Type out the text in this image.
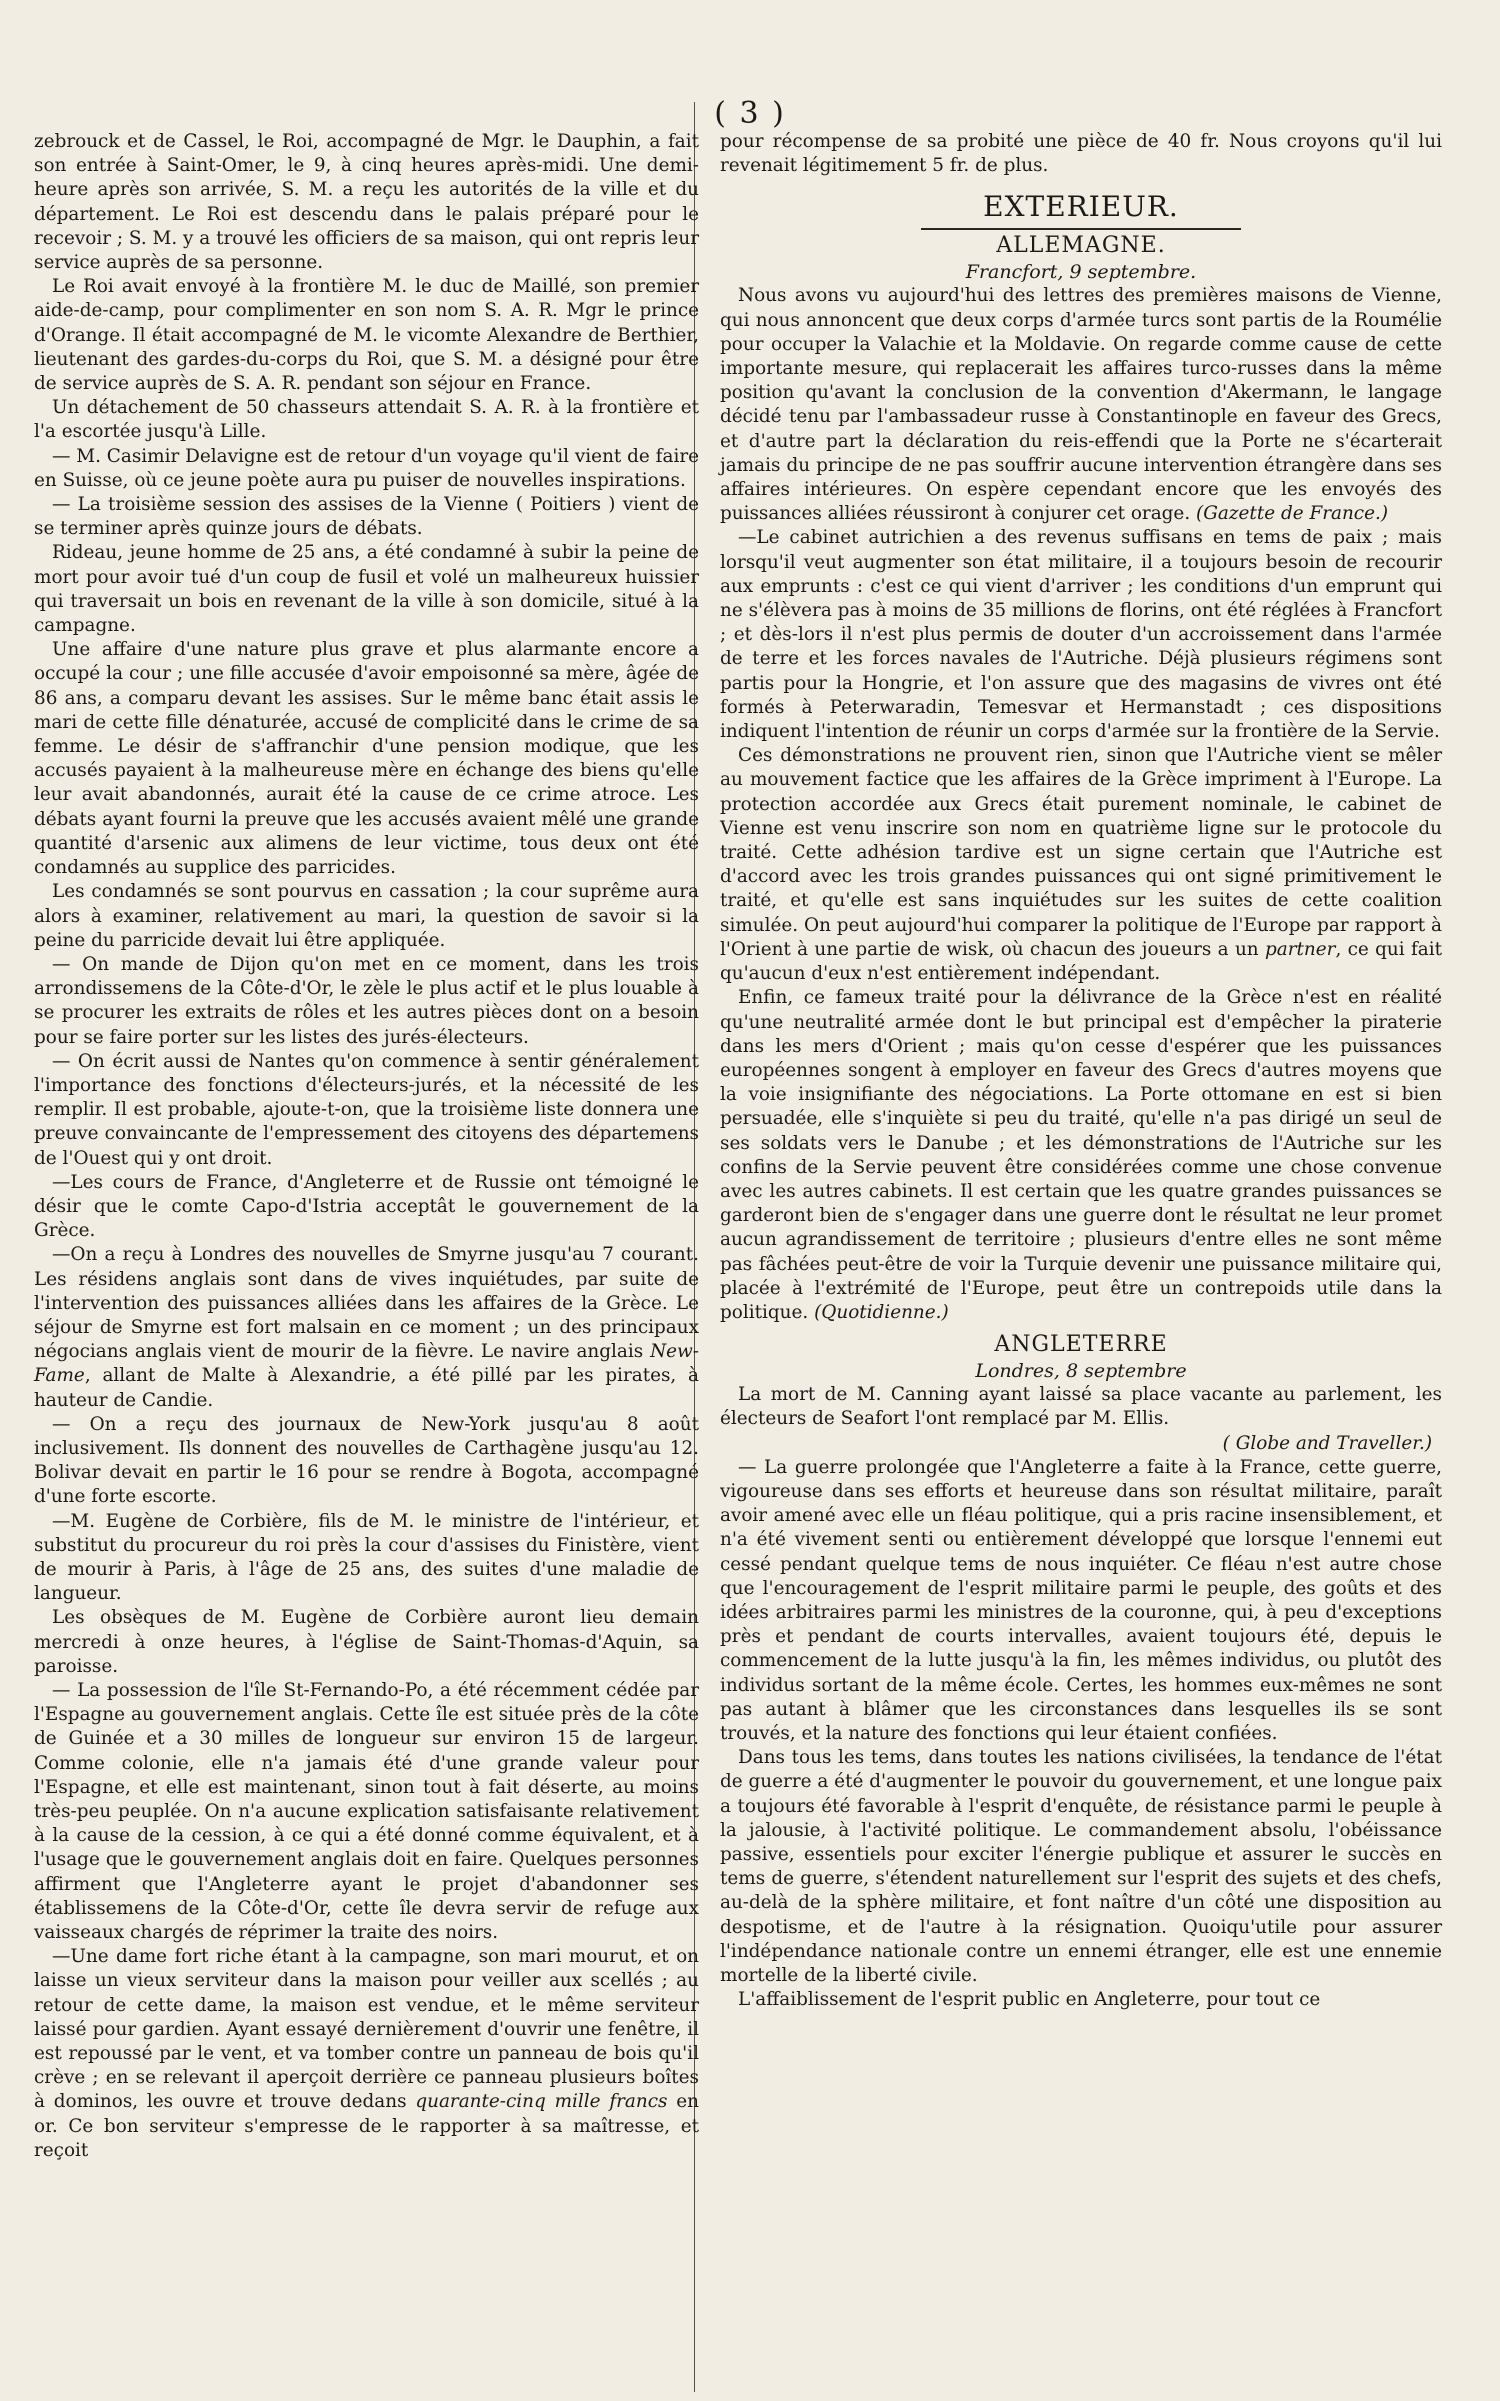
( 3 )

zebrouck et de Cassel, le Roi, accompagné de Mgr. le Dauphin, a fait son entrée à Saint-Omer, le 9, à cinq heures après-midi. Une demi-heure après son arrivée, S. M. a reçu les autorités de la ville et du département. Le Roi est descendu dans le palais préparé pour le recevoir ; S. M. y a trouvé les officiers de sa maison, qui ont repris leur service auprès de sa personne.

Le Roi avait envoyé à la frontière M. le duc de Maillé, son premier aide-de-camp, pour complimenter en son nom S. A. R. Mgr le prince d'Orange. Il était accompagné de M. le vicomte Alexandre de Berthier, lieutenant des gardes-du-corps du Roi, que S. M. a désigné pour être de service auprès de S. A. R. pendant son séjour en France.

Un détachement de 50 chasseurs attendait S. A. R. à la frontière et l'a escortée jusqu'à Lille.

— M. Casimir Delavigne est de retour d'un voyage qu'il vient de faire en Suisse, où ce jeune poète aura pu puiser de nouvelles inspirations.

— La troisième session des assises de la Vienne ( Poitiers ) vient de se terminer après quinze jours de débats.

Rideau, jeune homme de 25 ans, a été condamné à subir la peine de mort pour avoir tué d'un coup de fusil et volé un malheureux huissier qui traversait un bois en revenant de la ville à son domicile, situé à la campagne.

Une affaire d'une nature plus grave et plus alarmante encore a occupé la cour ; une fille accusée d'avoir empoisonné sa mère, âgée de 86 ans, a comparu devant les assises. Sur le même banc était assis le mari de cette fille dénaturée, accusé de complicité dans le crime de sa femme. Le désir de s'affranchir d'une pension modique, que les accusés payaient à la malheureuse mère en échange des biens qu'elle leur avait abandonnés, aurait été la cause de ce crime atroce. Les débats ayant fourni la preuve que les accusés avaient mêlé une grande quantité d'arsenic aux alimens de leur victime, tous deux ont été condamnés au supplice des parricides.

Les condamnés se sont pourvus en cassation ; la cour suprême aura alors à examiner, relativement au mari, la question de savoir si la peine du parricide devait lui être appliquée.

— On mande de Dijon qu'on met en ce moment, dans les trois arrondissemens de la Côte-d'Or, le zèle le plus actif et le plus louable à se procurer les extraits de rôles et les autres pièces dont on a besoin pour se faire porter sur les listes des jurés-électeurs.

— On écrit aussi de Nantes qu'on commence à sentir généralement l'importance des fonctions d'électeurs-jurés, et la nécessité de les remplir. Il est probable, ajoute-t-on, que la troisième liste donnera une preuve convaincante de l'empressement des citoyens des départemens de l'Ouest qui y ont droit.

—Les cours de France, d'Angleterre et de Russie ont témoigné le désir que le comte Capo-d'Istria acceptât le gouvernement de la Grèce.

—On a reçu à Londres des nouvelles de Smyrne jusqu'au 7 courant. Les résidens anglais sont dans de vives inquiétudes, par suite de l'intervention des puissances alliées dans les affaires de la Grèce. Le séjour de Smyrne est fort malsain en ce moment ; un des principaux négocians anglais vient de mourir de la fièvre. Le navire anglais New-Fame, allant de Malte à Alexandrie, a été pillé par les pirates, à hauteur de Candie.

— On a reçu des journaux de New-York jusqu'au 8 août inclusivement. Ils donnent des nouvelles de Carthagène jusqu'au 12. Bolivar devait en partir le 16 pour se rendre à Bogota, accompagné d'une forte escorte.

—M. Eugène de Corbière, fils de M. le ministre de l'intérieur, et substitut du procureur du roi près la cour d'assises du Finistère, vient de mourir à Paris, à l'âge de 25 ans, des suites d'une maladie de langueur.

Les obsèques de M. Eugène de Corbière auront lieu demain mercredi à onze heures, à l'église de Saint-Thomas-d'Aquin, sa paroisse.

— La possession de l'île St-Fernando-Po, a été récemment cédée par l'Espagne au gouvernement anglais. Cette île est située près de la côte de Guinée et a 30 milles de longueur sur environ 15 de largeur. Comme colonie, elle n'a jamais été d'une grande valeur pour l'Espagne, et elle est maintenant, sinon tout à fait déserte, au moins très-peu peuplée. On n'a aucune explication satisfaisante relativement à la cause de la cession, à ce qui a été donné comme équivalent, et à l'usage que le gouvernement anglais doit en faire. Quelques personnes affirment que l'Angleterre ayant le projet d'abandonner ses établissemens de la Côte-d'Or, cette île devra servir de refuge aux vaisseaux chargés de réprimer la traite des noirs.

—Une dame fort riche étant à la campagne, son mari mourut, et on laisse un vieux serviteur dans la maison pour veiller aux scellés ; au retour de cette dame, la maison est vendue, et le même serviteur laissé pour gardien. Ayant essayé dernièrement d'ouvrir une fenêtre, il est repoussé par le vent, et va tomber contre un panneau de bois qu'il crève ; en se relevant il aperçoit derrière ce panneau plusieurs boîtes à dominos, les ouvre et trouve dedans quarante-cinq mille francs en or. Ce bon serviteur s'empresse de le rapporter à sa maîtresse, et reçoit

pour récompense de sa probité une pièce de 40 fr. Nous croyons qu'il lui revenait légitimement 5 fr. de plus.

EXTERIEUR.
ALLEMAGNE.
Francfort, 9 septembre.

Nous avons vu aujourd'hui des lettres des premières maisons de Vienne, qui nous annoncent que deux corps d'armée turcs sont partis de la Roumélie pour occuper la Valachie et la Moldavie. On regarde comme cause de cette importante mesure, qui replacerait les affaires turco-russes dans la même position qu'avant la conclusion de la convention d'Akermann, le langage décidé tenu par l'ambassadeur russe à Constantinople en faveur des Grecs, et d'autre part la déclaration du reis-effendi que la Porte ne s'écarterait jamais du principe de ne pas souffrir aucune intervention étrangère dans ses affaires intérieures. On espère cependant encore que les envoyés des puissances alliées réussiront à conjurer cet orage. (Gazette de France.)

—Le cabinet autrichien a des revenus suffisans en tems de paix ; mais lorsqu'il veut augmenter son état militaire, il a toujours besoin de recourir aux emprunts : c'est ce qui vient d'arriver ; les conditions d'un emprunt qui ne s'élèvera pas à moins de 35 millions de florins, ont été réglées à Francfort ; et dès-lors il n'est plus permis de douter d'un accroissement dans l'armée de terre et les forces navales de l'Autriche. Déjà plusieurs régimens sont partis pour la Hongrie, et l'on assure que des magasins de vivres ont été formés à Peterwaradin, Temesvar et Hermanstadt ; ces dispositions indiquent l'intention de réunir un corps d'armée sur la frontière de la Servie.

Ces démonstrations ne prouvent rien, sinon que l'Autriche vient se mêler au mouvement factice que les affaires de la Grèce impriment à l'Europe. La protection accordée aux Grecs était purement nominale, le cabinet de Vienne est venu inscrire son nom en quatrième ligne sur le protocole du traité. Cette adhésion tardive est un signe certain que l'Autriche est d'accord avec les trois grandes puissances qui ont signé primitivement le traité, et qu'elle est sans inquiétudes sur les suites de cette coalition simulée. On peut aujourd'hui comparer la politique de l'Europe par rapport à l'Orient à une partie de wisk, où chacun des joueurs a un partner, ce qui fait qu'aucun d'eux n'est entièrement indépendant.

Enfin, ce fameux traité pour la délivrance de la Grèce n'est en réalité qu'une neutralité armée dont le but principal est d'empêcher la piraterie dans les mers d'Orient ; mais qu'on cesse d'espérer que les puissances européennes songent à employer en faveur des Grecs d'autres moyens que la voie insignifiante des négociations. La Porte ottomane en est si bien persuadée, elle s'inquiète si peu du traité, qu'elle n'a pas dirigé un seul de ses soldats vers le Danube ; et les démonstrations de l'Autriche sur les confins de la Servie peuvent être considérées comme une chose convenue avec les autres cabinets. Il est certain que les quatre grandes puissances se garderont bien de s'engager dans une guerre dont le résultat ne leur promet aucun agrandissement de territoire ; plusieurs d'entre elles ne sont même pas fâchées peut-être de voir la Turquie devenir une puissance militaire qui, placée à l'extrémité de l'Europe, peut être un contrepoids utile dans la politique. (Quotidienne.)

ANGLETERRE
Londres, 8 septembre

La mort de M. Canning ayant laissé sa place vacante au parlement, les électeurs de Seafort l'ont remplacé par M. Ellis.

( Globe and Traveller.)

— La guerre prolongée que l'Angleterre a faite à la France, cette guerre, vigoureuse dans ses efforts et heureuse dans son résultat militaire, paraît avoir amené avec elle un fléau politique, qui a pris racine insensiblement, et n'a été vivement senti ou entièrement développé que lorsque l'ennemi eut cessé pendant quelque tems de nous inquiéter. Ce fléau n'est autre chose que l'encouragement de l'esprit militaire parmi le peuple, des goûts et des idées arbitraires parmi les ministres de la couronne, qui, à peu d'exceptions près et pendant de courts intervalles, avaient toujours été, depuis le commencement de la lutte jusqu'à la fin, les mêmes individus, ou plutôt des individus sortant de la même école. Certes, les hommes eux-mêmes ne sont pas autant à blâmer que les circonstances dans lesquelles ils se sont trouvés, et la nature des fonctions qui leur étaient confiées.

Dans tous les tems, dans toutes les nations civilisées, la tendance de l'état de guerre a été d'augmenter le pouvoir du gouvernement, et une longue paix a toujours été favorable à l'esprit d'enquête, de résistance parmi le peuple à la jalousie, à l'activité politique. Le commandement absolu, l'obéissance passive, essentiels pour exciter l'énergie publique et assurer le succès en tems de guerre, s'étendent naturellement sur l'esprit des sujets et des chefs, au-delà de la sphère militaire, et font naître d'un côté une disposition au despotisme, et de l'autre à la résignation. Quoiqu'utile pour assurer l'indépendance nationale contre un ennemi étranger, elle est une ennemie mortelle de la liberté civile.

L'affaiblissement de l'esprit public en Angleterre, pour tout ce
